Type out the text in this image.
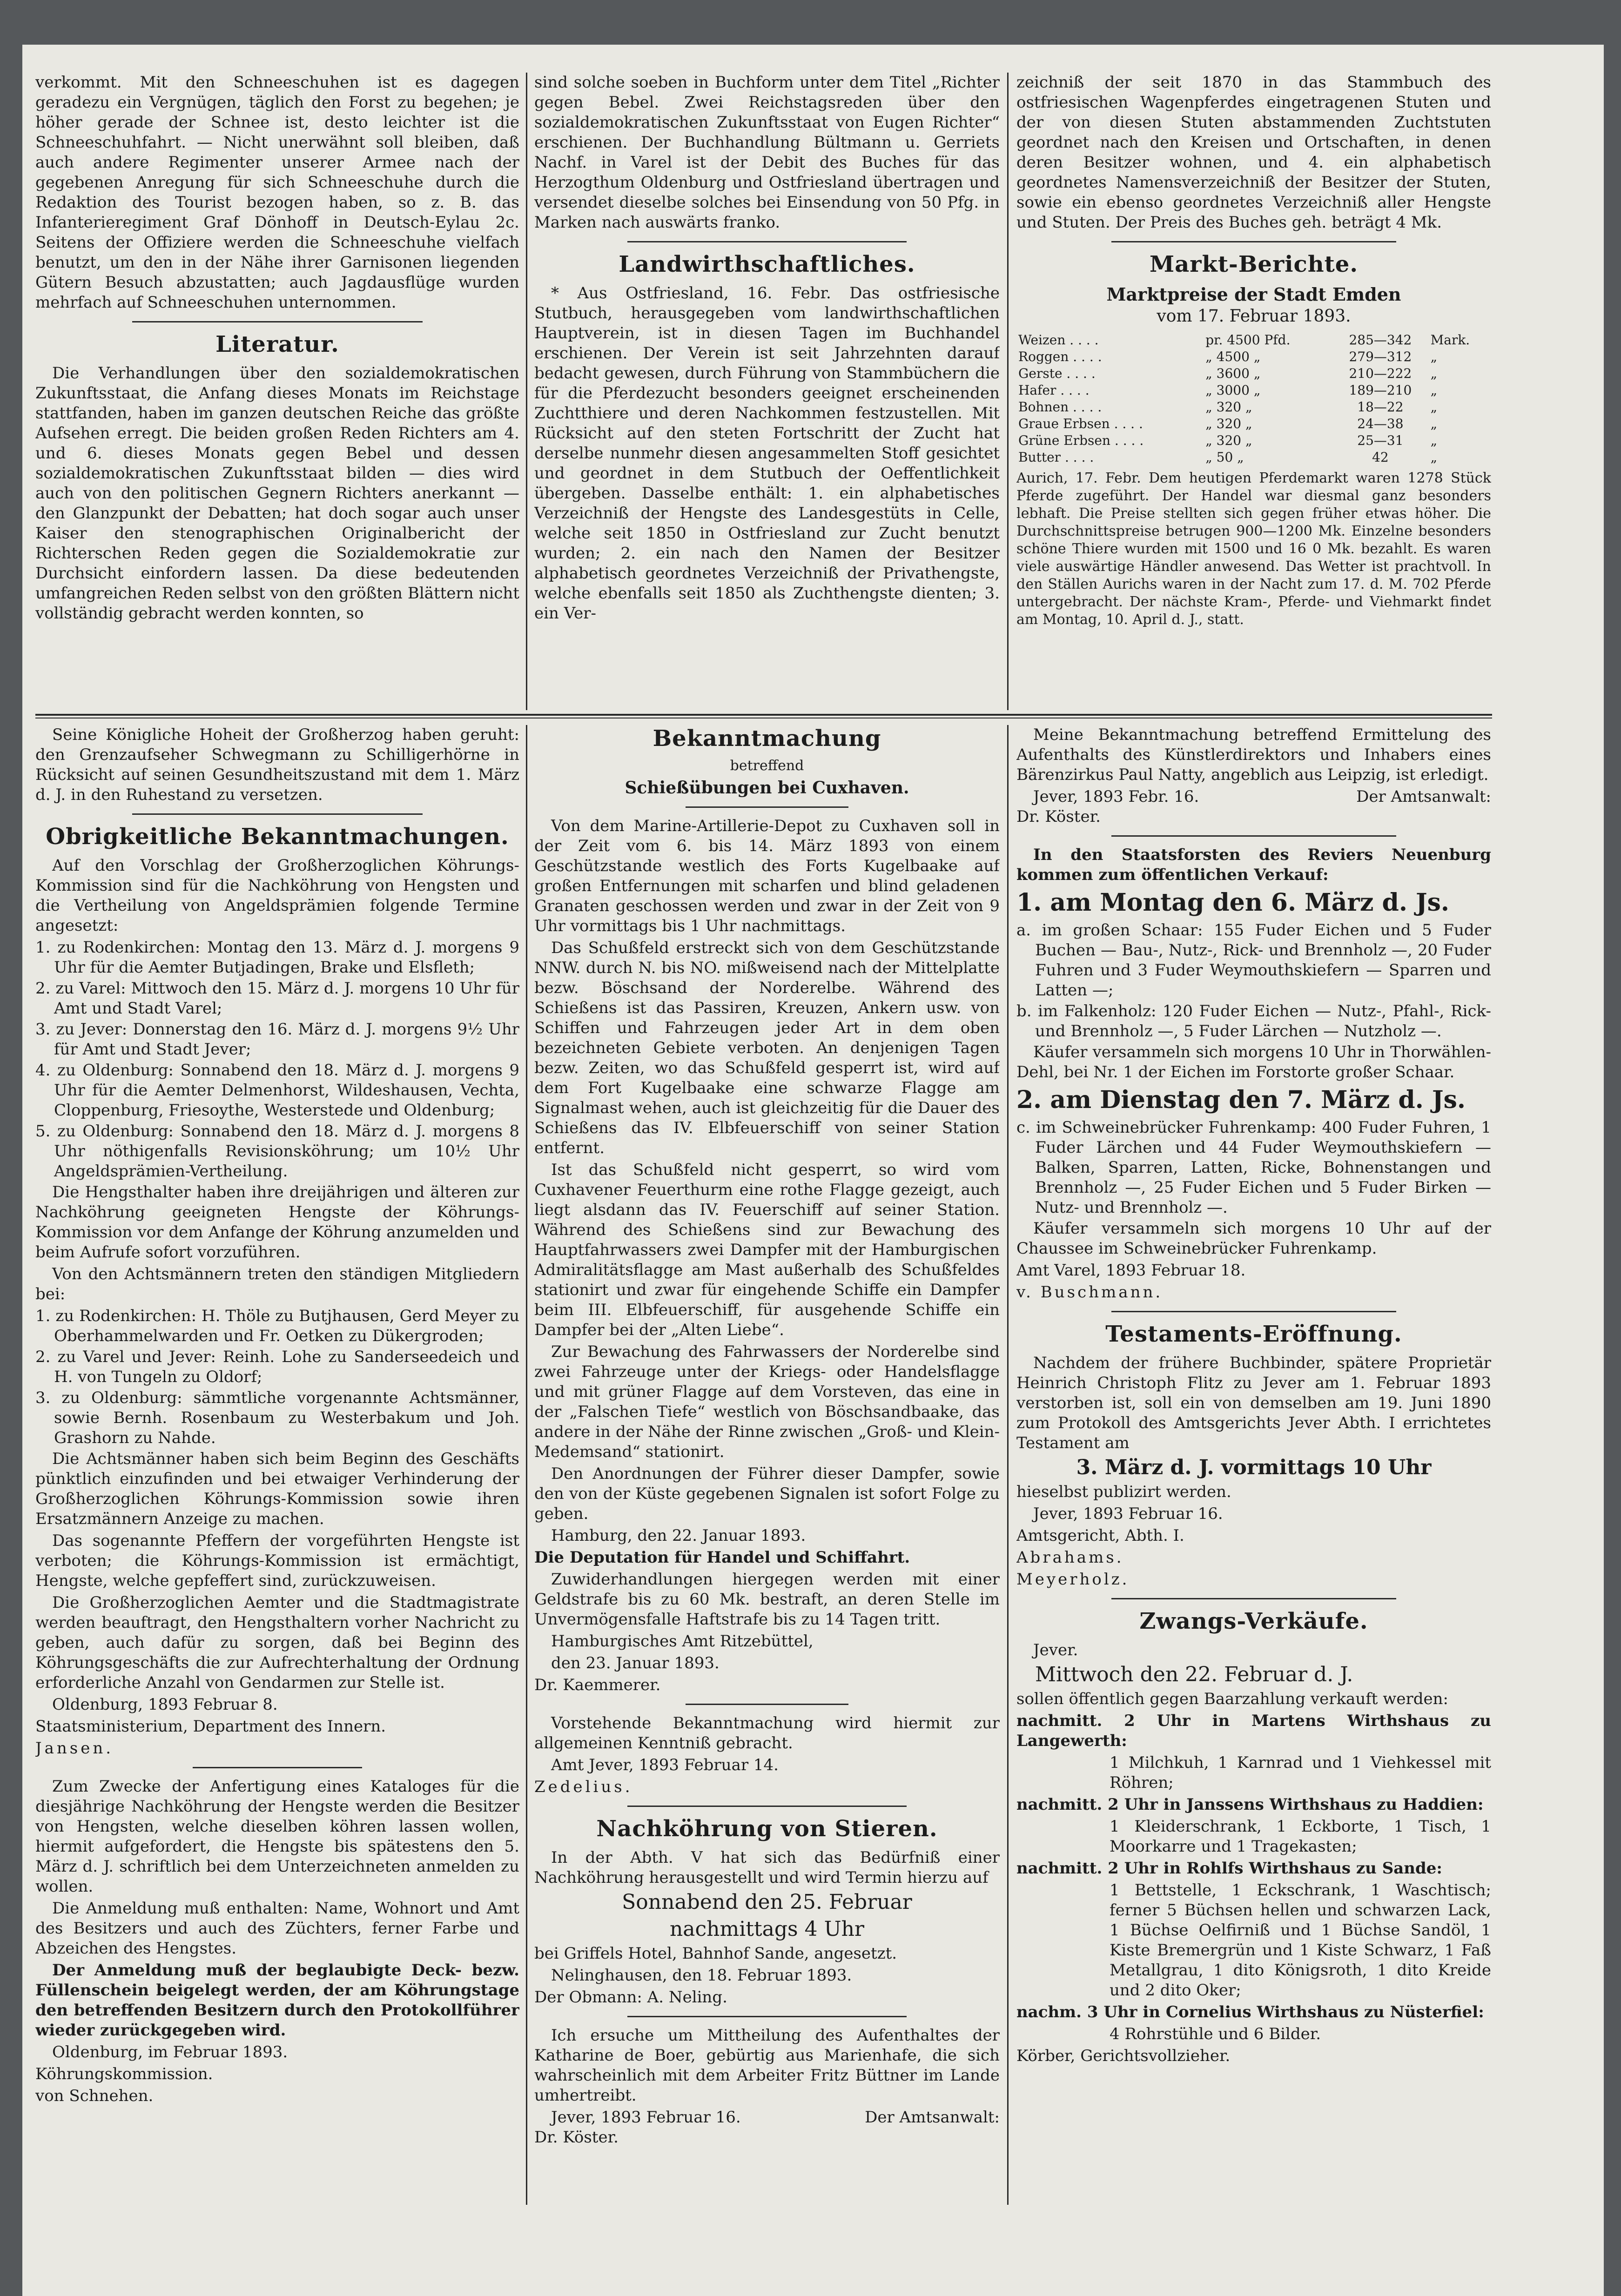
verkommt. Mit den Schneeschuhen ist es dagegen geradezu ein Vergnügen, täglich den Forst zu begehen; je höher gerade der Schnee ist, desto leichter ist die Schneeschuhfahrt. — Nicht unerwähnt soll bleiben, daß auch andere Regimenter unserer Armee nach der gegebenen Anregung für sich Schneeschuhe durch die Redaktion des Tourist bezogen haben, so z. B. das Infanterieregiment Graf Dönhoff in Deutsch-Eylau 2c. Seitens der Offiziere werden die Schneeschuhe vielfach benutzt, um den in der Nähe ihrer Garnisonen liegenden Gütern Besuch abzustatten; auch Jagdausflüge wurden mehrfach auf Schneeschuhen unternommen.

Literatur.

Die Verhandlungen über den sozialdemokratischen Zukunftsstaat, die Anfang dieses Monats im Reichstage stattfanden, haben im ganzen deutschen Reiche das größte Aufsehen erregt. Die beiden großen Reden Richters am 4. und 6. dieses Monats gegen Bebel und dessen sozialdemokratischen Zukunftsstaat bilden — dies wird auch von den politischen Gegnern Richters anerkannt — den Glanzpunkt der Debatten; hat doch sogar auch unser Kaiser den stenographischen Originalbericht der Richterschen Reden gegen die Sozialdemokratie zur Durchsicht einfordern lassen. Da diese bedeutenden umfangreichen Reden selbst von den größten Blättern nicht vollständig gebracht werden konnten, so

sind solche soeben in Buchform unter dem Titel „Richter gegen Bebel. Zwei Reichstagsreden über den sozialdemokratischen Zukunftsstaat von Eugen Richter“ erschienen. Der Buchhandlung Bültmann u. Gerriets Nachf. in Varel ist der Debit des Buches für das Herzogthum Oldenburg und Ostfriesland übertragen und versendet dieselbe solches bei Einsendung von 50 Pfg. in Marken nach auswärts franko.

Landwirthschaftliches.

* Aus Ostfriesland, 16. Febr. Das ostfriesische Stutbuch, herausgegeben vom landwirthschaftlichen Hauptverein, ist in diesen Tagen im Buchhandel erschienen. Der Verein ist seit Jahrzehnten darauf bedacht gewesen, durch Führung von Stammbüchern die für die Pferdezucht besonders geeignet erscheinenden Zuchtthiere und deren Nachkommen festzustellen. Mit Rücksicht auf den steten Fortschritt der Zucht hat derselbe nunmehr diesen angesammelten Stoff gesichtet und geordnet in dem Stutbuch der Oeffentlichkeit übergeben. Dasselbe enthält: 1. ein alphabetisches Verzeichniß der Hengste des Landesgestüts in Celle, welche seit 1850 in Ostfriesland zur Zucht benutzt wurden; 2. ein nach den Namen der Besitzer alphabetisch geordnetes Verzeichniß der Privathengste, welche ebenfalls seit 1850 als Zuchthengste dienten; 3. ein Ver-

zeichniß der seit 1870 in das Stammbuch des ostfriesischen Wagenpferdes eingetragenen Stuten und der von diesen Stuten abstammenden Zuchtstuten geordnet nach den Kreisen und Ortschaften, in denen deren Besitzer wohnen, und 4. ein alphabetisch geordnetes Namensverzeichniß der Besitzer der Stuten, sowie ein ebenso geordnetes Verzeichniß aller Hengste und Stuten. Der Preis des Buches geh. beträgt 4 Mk.

Markt-Berichte.
Marktpreise der Stadt Emden
vom 17. Februar 1893.
Weizen . . . .	pr. 4500 Pfd.	285—342	Mark.
Roggen . . . .	„ 4500 „	279—312	„
Gerste . . . .	„ 3600 „	210—222	„
Hafer . . . .	„ 3000 „	189—210	„
Bohnen . . . .	„ 320 „	18—22	„
Graue Erbsen . . . .	„ 320 „	24—38	„
Grüne Erbsen . . . .	„ 320 „	25—31	„
Butter . . . .	„ 50 „	42	„

Aurich, 17. Febr. Dem heutigen Pferdemarkt waren 1278 Stück Pferde zugeführt. Der Handel war diesmal ganz besonders lebhaft. Die Preise stellten sich gegen früher etwas höher. Die Durchschnittspreise betrugen 900—1200 Mk. Einzelne besonders schöne Thiere wurden mit 1500 und 16 0 Mk. bezahlt. Es waren viele auswärtige Händler anwesend. Das Wetter ist prachtvoll. In den Ställen Aurichs waren in der Nacht zum 17. d. M. 702 Pferde untergebracht. Der nächste Kram-, Pferde- und Viehmarkt findet am Montag, 10. April d. J., statt.

Seine Königliche Hoheit der Großherzog haben geruht: den Grenzaufseher Schwegmann zu Schilligerhörne in Rücksicht auf seinen Gesundheitszustand mit dem 1. März d. J. in den Ruhestand zu versetzen.

Obrigkeitliche Bekanntmachungen.

Auf den Vorschlag der Großherzoglichen Köhrungs-Kommission sind für die Nachköhrung von Hengsten und die Vertheilung von Angeldsprämien folgende Termine angesetzt:

1. zu Rodenkirchen: Montag den 13. März d. J. morgens 9 Uhr für die Aemter Butjadingen, Brake und Elsfleth;
2. zu Varel: Mittwoch den 15. März d. J. morgens 10 Uhr für Amt und Stadt Varel;
3. zu Jever: Donnerstag den 16. März d. J. morgens 9½ Uhr für Amt und Stadt Jever;
4. zu Oldenburg: Sonnabend den 18. März d. J. morgens 9 Uhr für die Aemter Delmenhorst, Wildeshausen, Vechta, Cloppenburg, Friesoythe, Westerstede und Oldenburg;
5. zu Oldenburg: Sonnabend den 18. März d. J. morgens 8 Uhr nöthigenfalls Revisionsköhrung; um 10½ Uhr Angeldsprämien-Vertheilung.

Die Hengsthalter haben ihre dreijährigen und älteren zur Nachköhrung geeigneten Hengste der Köhrungs-Kommission vor dem Anfange der Köhrung anzumelden und beim Aufrufe sofort vorzuführen.

Von den Achtsmännern treten den ständigen Mitgliedern bei:

1. zu Rodenkirchen: H. Thöle zu Butjhausen, Gerd Meyer zu Oberhammelwarden und Fr. Oetken zu Dükergroden;
2. zu Varel und Jever: Reinh. Lohe zu Sanderseedeich und H. von Tungeln zu Oldorf;
3. zu Oldenburg: sämmtliche vorgenannte Achtsmänner, sowie Bernh. Rosenbaum zu Westerbakum und Joh. Grashorn zu Nahde.

Die Achtsmänner haben sich beim Beginn des Geschäfts pünktlich einzufinden und bei etwaiger Verhinderung der Großherzoglichen Köhrungs-Kommission sowie ihren Ersatzmännern Anzeige zu machen.

Das sogenannte Pfeffern der vorgeführten Hengste ist verboten; die Köhrungs-Kommission ist ermächtigt, Hengste, welche gepfeffert sind, zurückzuweisen.

Die Großherzoglichen Aemter und die Stadtmagistrate werden beauftragt, den Hengsthaltern vorher Nachricht zu geben, auch dafür zu sorgen, daß bei Beginn des Köhrungsgeschäfts die zur Aufrechterhaltung der Ordnung erforderliche Anzahl von Gendarmen zur Stelle ist.

Oldenburg, 1893 Februar 8.

Staatsministerium, Department des Innern.

Jansen.

Zum Zwecke der Anfertigung eines Kataloges für die diesjährige Nachköhrung der Hengste werden die Besitzer von Hengsten, welche dieselben köhren lassen wollen, hiermit aufgefordert, die Hengste bis spätestens den 5. März d. J. schriftlich bei dem Unterzeichneten anmelden zu wollen.

Die Anmeldung muß enthalten: Name, Wohnort und Amt des Besitzers und auch des Züchters, ferner Farbe und Abzeichen des Hengstes.

Der Anmeldung muß der beglaubigte Deck- bezw. Füllenschein beigelegt werden, der am Köhrungstage den betreffenden Besitzern durch den Protokollführer wieder zurückgegeben wird.

Oldenburg, im Februar 1893.

Köhrungskommission.

von Schnehen.

Bekanntmachung
betreffend
Schießübungen bei Cuxhaven.

Von dem Marine-Artillerie-Depot zu Cuxhaven soll in der Zeit vom 6. bis 14. März 1893 von einem Geschützstande westlich des Forts Kugelbaake auf großen Entfernungen mit scharfen und blind geladenen Granaten geschossen werden und zwar in der Zeit von 9 Uhr vormittags bis 1 Uhr nachmittags.

Das Schußfeld erstreckt sich von dem Geschützstande NNW. durch N. bis NO. mißweisend nach der Mittelplatte bezw. Böschsand der Norderelbe. Während des Schießens ist das Passiren, Kreuzen, Ankern usw. von Schiffen und Fahrzeugen jeder Art in dem oben bezeichneten Gebiete verboten. An denjenigen Tagen bezw. Zeiten, wo das Schußfeld gesperrt ist, wird auf dem Fort Kugelbaake eine schwarze Flagge am Signalmast wehen, auch ist gleichzeitig für die Dauer des Schießens das IV. Elbfeuerschiff von seiner Station entfernt.

Ist das Schußfeld nicht gesperrt, so wird vom Cuxhavener Feuerthurm eine rothe Flagge gezeigt, auch liegt alsdann das IV. Feuerschiff auf seiner Station. Während des Schießens sind zur Bewachung des Hauptfahrwassers zwei Dampfer mit der Hamburgischen Admiralitätsflagge am Mast außerhalb des Schußfeldes stationirt und zwar für eingehende Schiffe ein Dampfer beim III. Elbfeuerschiff, für ausgehende Schiffe ein Dampfer bei der „Alten Liebe“.

Zur Bewachung des Fahrwassers der Norderelbe sind zwei Fahrzeuge unter der Kriegs- oder Handelsflagge und mit grüner Flagge auf dem Vorsteven, das eine in der „Falschen Tiefe“ westlich von Böschsandbaake, das andere in der Nähe der Rinne zwischen „Groß- und Klein-Medemsand“ stationirt.

Den Anordnungen der Führer dieser Dampfer, sowie den von der Küste gegebenen Signalen ist sofort Folge zu geben.

Hamburg, den 22. Januar 1893.

Die Deputation für Handel und Schiffahrt.

Zuwiderhandlungen hiergegen werden mit einer Geldstrafe bis zu 60 Mk. bestraft, an deren Stelle im Unvermögensfalle Haftstrafe bis zu 14 Tagen tritt.

Hamburgisches Amt Ritzebüttel,

den 23. Januar 1893.

Dr. Kaemmerer.

Vorstehende Bekanntmachung wird hiermit zur allgemeinen Kenntniß gebracht.

Amt Jever, 1893 Februar 14.

Zedelius.

Nachköhrung von Stieren.

In der Abth. V hat sich das Bedürfniß einer Nachköhrung herausgestellt und wird Termin hierzu auf

Sonnabend den 25. Februar
nachmittags 4 Uhr

bei Griffels Hotel, Bahnhof Sande, angesetzt.

Nelinghausen, den 18. Februar 1893.

Der Obmann: A. Neling.

Ich ersuche um Mittheilung des Aufenthaltes der Katharine de Boer, gebürtig aus Marienhafe, die sich wahrscheinlich mit dem Arbeiter Fritz Büttner im Lande umhertreibt.

Jever, 1893 Februar 16.	Der Amtsanwalt:

Dr. Köster.

Meine Bekanntmachung betreffend Ermittelung des Aufenthalts des Künstlerdirektors und Inhabers eines Bärenzirkus Paul Natty, angeblich aus Leipzig, ist erledigt.

Jever, 1893 Febr. 16.	Der Amtsanwalt:

Dr. Köster.

In den Staatsforsten des Reviers Neuenburg kommen zum öffentlichen Verkauf:

1. am Montag den 6. März d. Js.
a. im großen Schaar: 155 Fuder Eichen und 5 Fuder Buchen — Bau-, Nutz-, Rick- und Brennholz —, 20 Fuder Fuhren und 3 Fuder Weymouthskiefern — Sparren und Latten —;
b. im Falkenholz: 120 Fuder Eichen — Nutz-, Pfahl-, Rick- und Brennholz —, 5 Fuder Lärchen — Nutzholz —.

Käufer versammeln sich morgens 10 Uhr in Thorwählen-Dehl, bei Nr. 1 der Eichen im Forstorte großer Schaar.

2. am Dienstag den 7. März d. Js.
c. im Schweinebrücker Fuhrenkamp: 400 Fuder Fuhren, 1 Fuder Lärchen und 44 Fuder Weymouthskiefern — Balken, Sparren, Latten, Ricke, Bohnenstangen und Brennholz —, 25 Fuder Eichen und 5 Fuder Birken — Nutz- und Brennholz —.

Käufer versammeln sich morgens 10 Uhr auf der Chaussee im Schweinebrücker Fuhrenkamp.

Amt Varel, 1893 Februar 18.

v. Buschmann.

Testaments-Eröffnung.

Nachdem der frühere Buchbinder, spätere Proprietär Heinrich Christoph Flitz zu Jever am 1. Februar 1893 verstorben ist, soll ein von demselben am 19. Juni 1890 zum Protokoll des Amtsgerichts Jever Abth. I errichtetes Testament am

3. März d. J. vormittags 10 Uhr

hieselbst publizirt werden.

Jever, 1893 Februar 16.

Amtsgericht, Abth. I.

Abrahams.

Meyerholz.

Zwangs-Verkäufe.

Jever.

Mittwoch den 22. Februar d. J.

sollen öffentlich gegen Baarzahlung verkauft werden:

nachmitt. 2 Uhr in Martens Wirthshaus zu Langewerth:

1 Milchkuh, 1 Karnrad und 1 Viehkessel mit Röhren;

nachmitt. 2 Uhr in Janssens Wirthshaus zu Haddien:

1 Kleiderschrank, 1 Eckborte, 1 Tisch, 1 Moorkarre und 1 Tragekasten;

nachmitt. 2 Uhr in Rohlfs Wirthshaus zu Sande:

1 Bettstelle, 1 Eckschrank, 1 Waschtisch; ferner 5 Büchsen hellen und schwarzen Lack, 1 Büchse Oelfirniß und 1 Büchse Sandöl, 1 Kiste Bremergrün und 1 Kiste Schwarz, 1 Faß Metallgrau, 1 dito Königsroth, 1 dito Kreide und 2 dito Oker;

nachm. 3 Uhr in Cornelius Wirthshaus zu Nüsterfiel:

4 Rohrstühle und 6 Bilder.

Körber, Gerichtsvollzieher.
